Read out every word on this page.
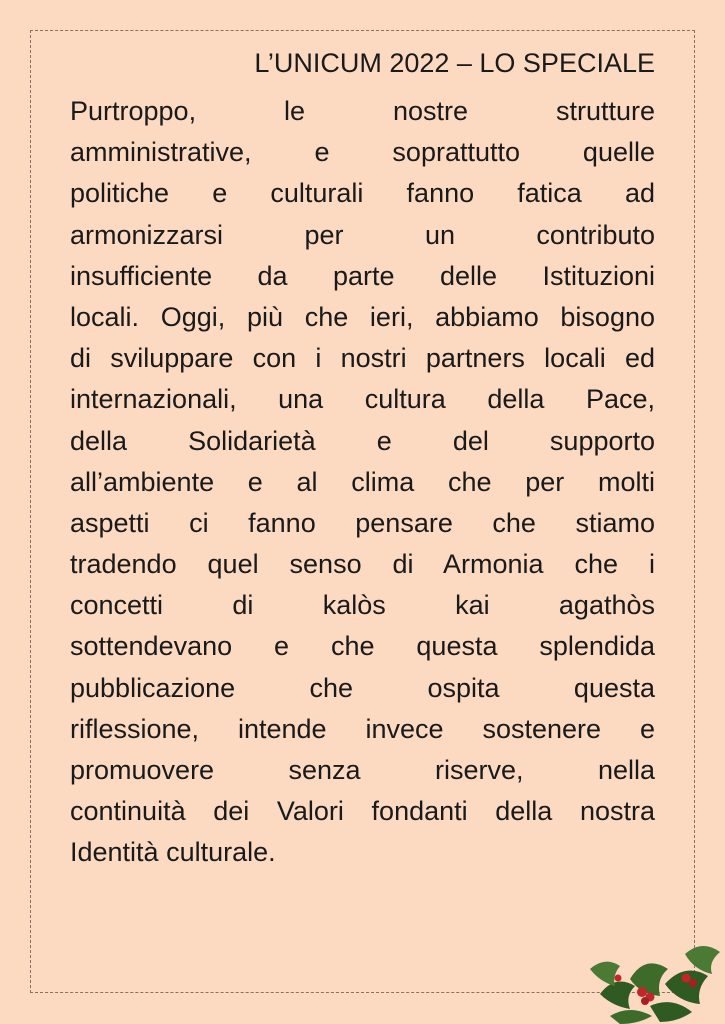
L’UNICUM 2022 – LO SPECIALE
Purtroppo, le nostre strutture
amministrative, e soprattutto quelle
politiche e culturali fanno fatica ad
armonizzarsi per un contributo
insufficiente da parte delle Istituzioni
locali. Oggi, più che ieri, abbiamo bisogno
di sviluppare con i nostri partners locali ed
internazionali, una cultura della Pace,
della Solidarietà e del supporto
all’ambiente e al clima che per molti
aspetti ci fanno pensare che stiamo
tradendo quel senso di Armonia che i
concetti di kalòs kai agathòs
sottendevano e che questa splendida
pubblicazione che ospita questa
riflessione, intende invece sostenere e
promuovere senza riserve, nella
continuità dei Valori fondanti della nostra
Identità culturale.
